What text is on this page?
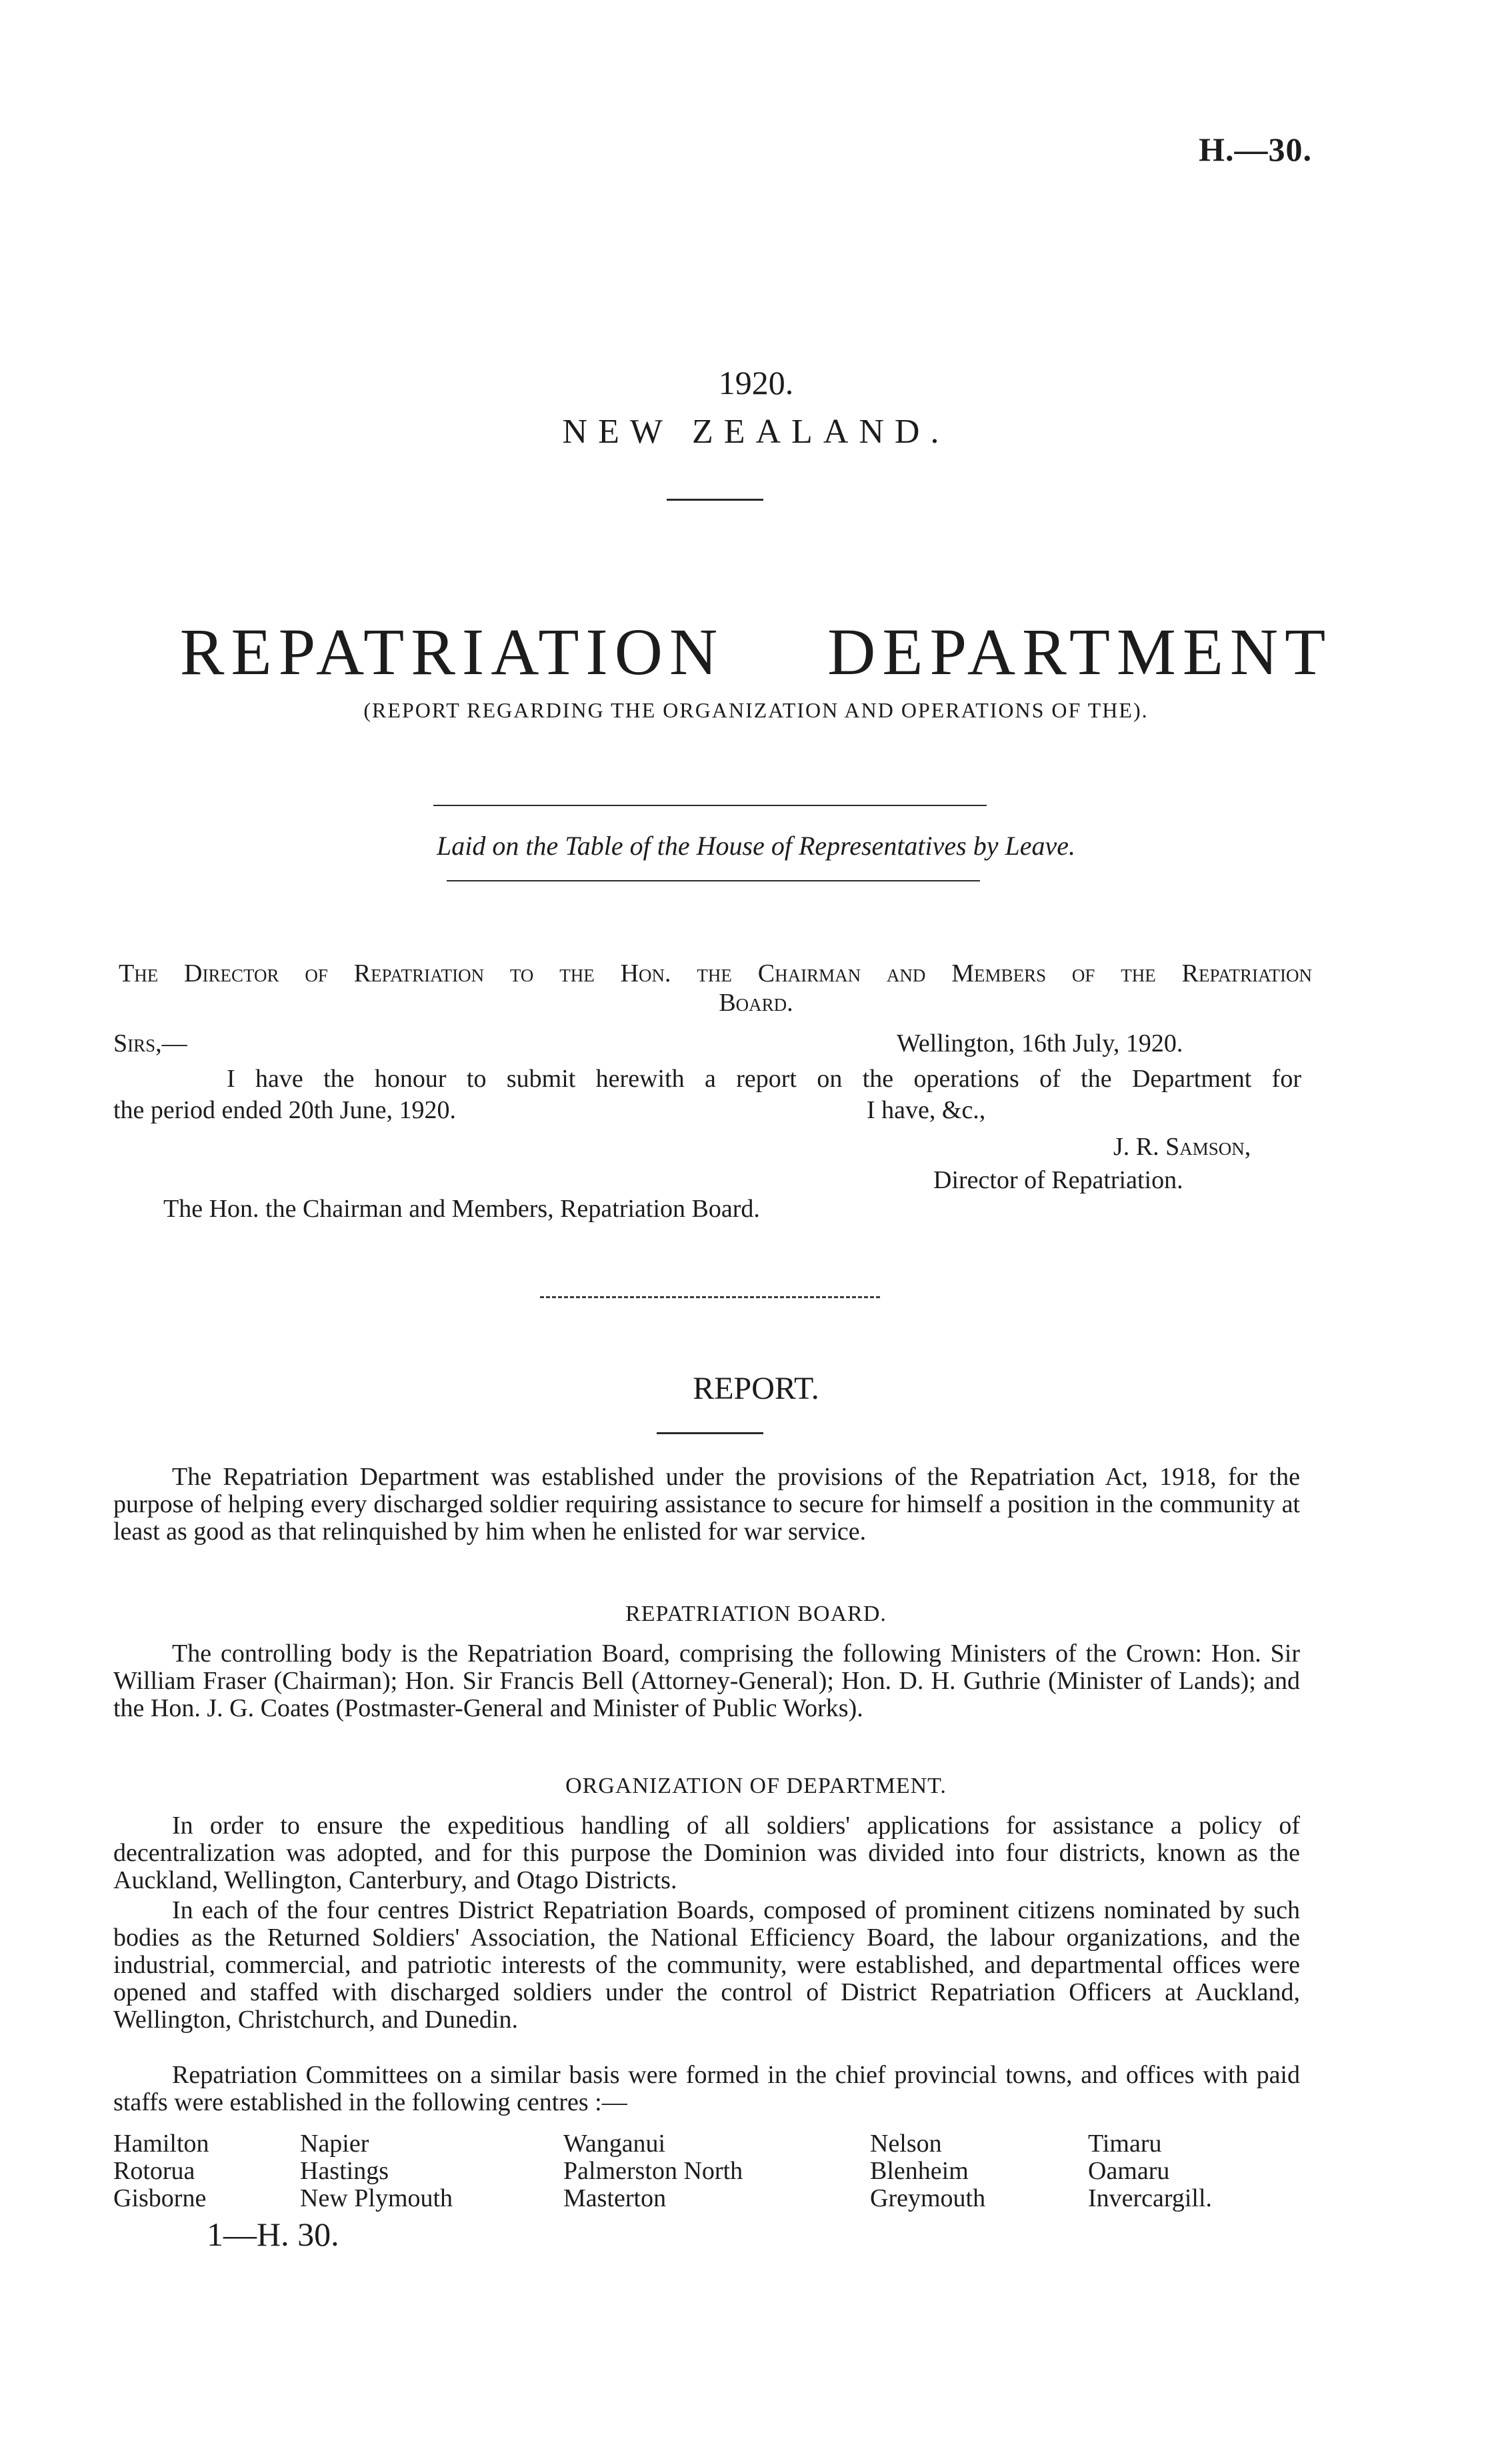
H.—30.
1920.
NEW ZEALAND.
REPATRIATION DEPARTMENT
(REPORT REGARDING THE ORGANIZATION AND OPERATIONS OF THE).
Laid on the Table of the House of Representatives by Leave.
The Director of Repatriation to the Hon. the Chairman and Members of the Repatriation
Board.
Sirs,—	Wellington, 16th July, 1920.
I have the honour to submit herewith a report on the operations of the Department for
the period ended 20th June, 1920.	I have, &c.,
J. R. Samson,
Director of Repatriation.
The Hon. the Chairman and Members, Repatriation Board.
REPORT.
The Repatriation Department was established under the provisions of the Repatriation Act, 1918, for the purpose of helping every discharged soldier requiring assistance to secure for himself a position in the community at least as good as that relinquished by him when he enlisted for war service.
REPATRIATION BOARD.
The controlling body is the Repatriation Board, comprising the following Ministers of the Crown: Hon. Sir William Fraser (Chairman); Hon. Sir Francis Bell (Attorney-General); Hon. D. H. Guthrie (Minister of Lands); and the Hon. J. G. Coates (Postmaster-General and Minister of Public Works).
ORGANIZATION OF DEPARTMENT.
In order to ensure the expeditious handling of all soldiers' applications for assistance a policy of decentralization was adopted, and for this purpose the Dominion was divided into four districts, known as the Auckland, Wellington, Canterbury, and Otago Districts.
In each of the four centres District Repatriation Boards, composed of prominent citizens nominated by such bodies as the Returned Soldiers' Association, the National Efficiency Board, the labour organizations, and the industrial, commercial, and patriotic interests of the community, were established, and departmental offices were opened and staffed with discharged soldiers under the control of District Repatriation Officers at Auckland, Wellington, Christchurch, and Dunedin.
Repatriation Committees on a similar basis were formed in the chief provincial towns, and offices with paid staffs were established in the following centres :—
Hamilton
Rotorua
Gisborne
Napier
Hastings
New Plymouth
Wanganui
Palmerston North
Masterton
Nelson
Blenheim
Greymouth
Timaru
Oamaru
Invercargill.
1—H. 30.
